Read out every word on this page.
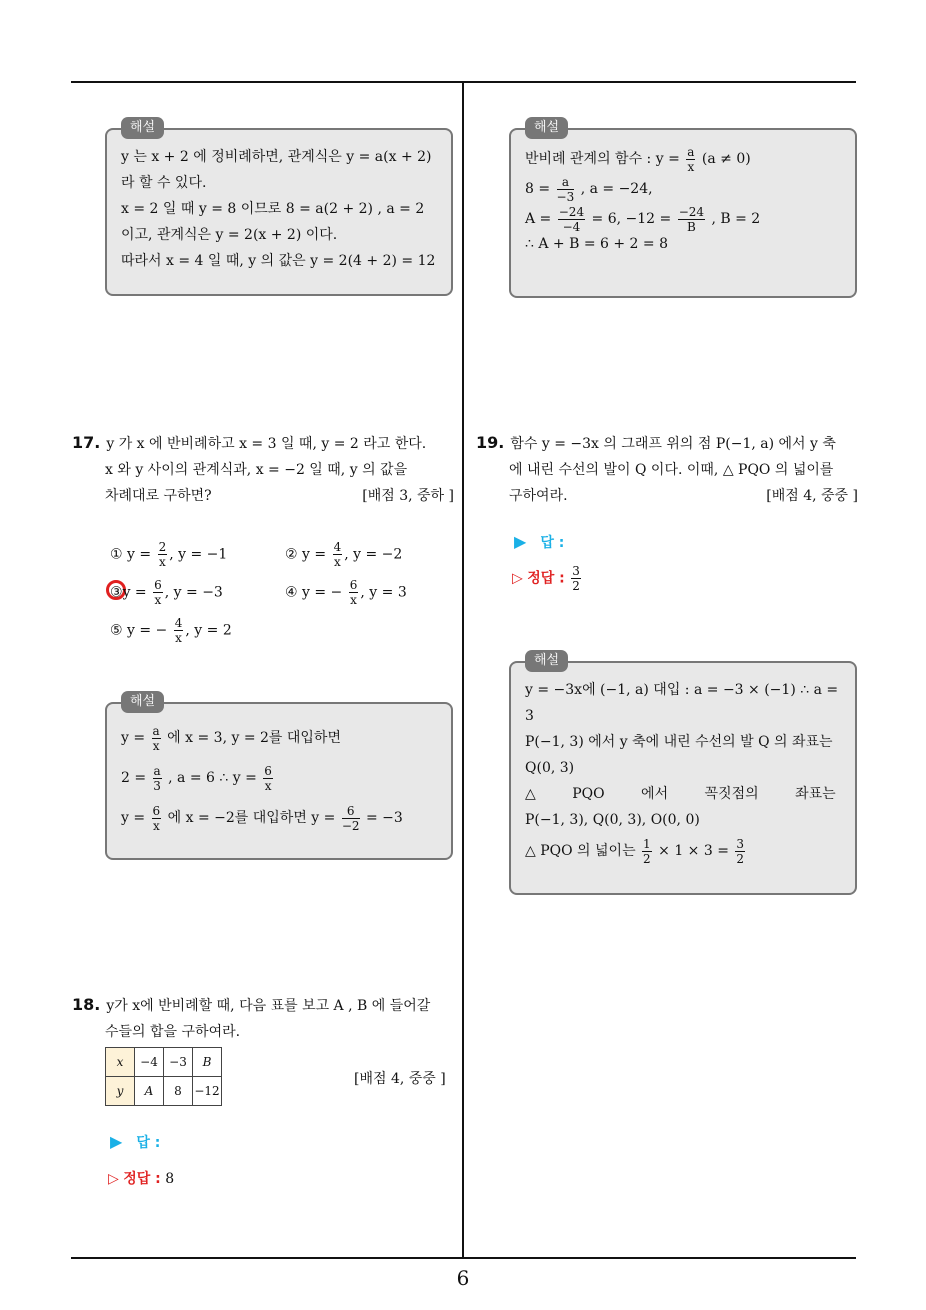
해설
y 는 x + 2 에 정비례하면, 관계식은 y = a(x + 2)
라 할 수 있다.
x = 2 일 때 y = 8 이므로 8 = a(2 + 2) , a = 2
이고, 관계식은 y = 2(x + 2) 이다.
따라서 x = 4 일 때, y 의 값은 y = 2(4 + 2) = 12
해설
반비례 관계의 함수 : $y = \frac{a}{x} (a \ne 0)$
$8 = \frac{a}{-3}$ , a = −24,
$A = \frac{-24}{-4} = 6$, $-12 = \frac{-24}{B}$ , B = 2
∴ A + B = 6 + 2 = 8
17. y 가 x 에 반비례하고 x = 3 일 때, y = 2 라고 한다.
x 와 y 사이의 관계식과, x = −2 일 때, y 의 값을
차례대로 구하면?	[배점 3, 중하 ]
① $y = \frac{2}{x}$ , y = −1	② $y = \frac{4}{x}$ , y = −2
③y = $\frac{6}{x}$ , y = −3	④ y = − $\frac{6}{x}$ , y = 3
⑤ y = − $\frac{4}{x}$ , y = 2
해설
$y = \frac{a}{x}$ 에 x = 3, y = 2를 대입하면
$2 = \frac{a}{3}$ , a = 6 ∴ $y = \frac{6}{x}$
$y = \frac{6}{x}$ 에 x = −2를 대입하면 $y = \frac{6}{-2} = -3$
18. y가 x에 반비례할 때, 다음 표를 보고 A , B 에 들어갈
수들의 합을 구하여라.
x	−4	−3	B
y	A	8	−12
[배점 4, 중중 ]
▶ 답 :
▷ 정답 : 8
19. 함수 y = −3x 의 그래프 위의 점 P(−1, a) 에서 y 축
에 내린 수선의 발이 Q 이다. 이때, △ PQO 의 넓이를
구하여라.	[배점 4, 중중 ]
▶ 답 :
▷ 정답 : $\frac{3}{2}$
해설
y = −3x에 (−1, a) 대입 : a = −3 × (−1) ∴ a =
3
P(−1, 3) 에서 y 축에 내린 수선의 발 Q 의 좌표는
Q(0, 3)
△ PQO 에서 꼭짓점의 좌표는
P(−1, 3), Q(0, 3), O(0, 0)
△ PQO 의 넓이는 $\frac{1}{2} \times 1 \times 3 = \frac{3}{2}$
6
